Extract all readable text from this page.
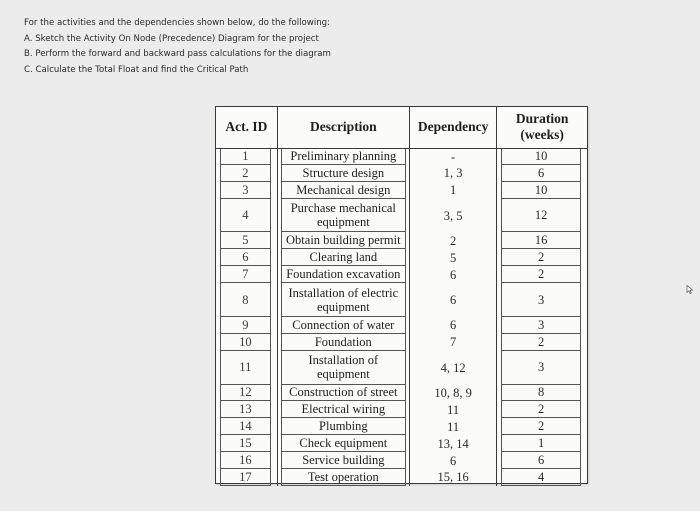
For the activities and the dependencies shown below, do the following:
A. Sketch the Activity On Node (Precedence) Diagram for the project
B. Perform the forward and backward pass calculations for the diagram
C. Calculate the Total Float and find the Critical Path
Act. ID	Description	Dependency	Duration
(weeks)

1	Preliminary planning	-	10

2	Structure design	1, 3	6

3	Mechanical design	1	10

4	Purchase mechanical equipment	3, 5	12

5	Obtain building permit	2	16

6	Clearing land	5	2

7	Foundation excavation	6	2

8	Installation of electric equipment	6	3

9	Connection of water	6	3

10	Foundation	7	2

11	Installation of equipment	4, 12	3

12	Construction of street	10, 8, 9	8

13	Electrical wiring	11	2

14	Plumbing	11	2

15	Check equipment	13, 14	1

16	Service building	6	6

17	Test operation	15, 16	4
